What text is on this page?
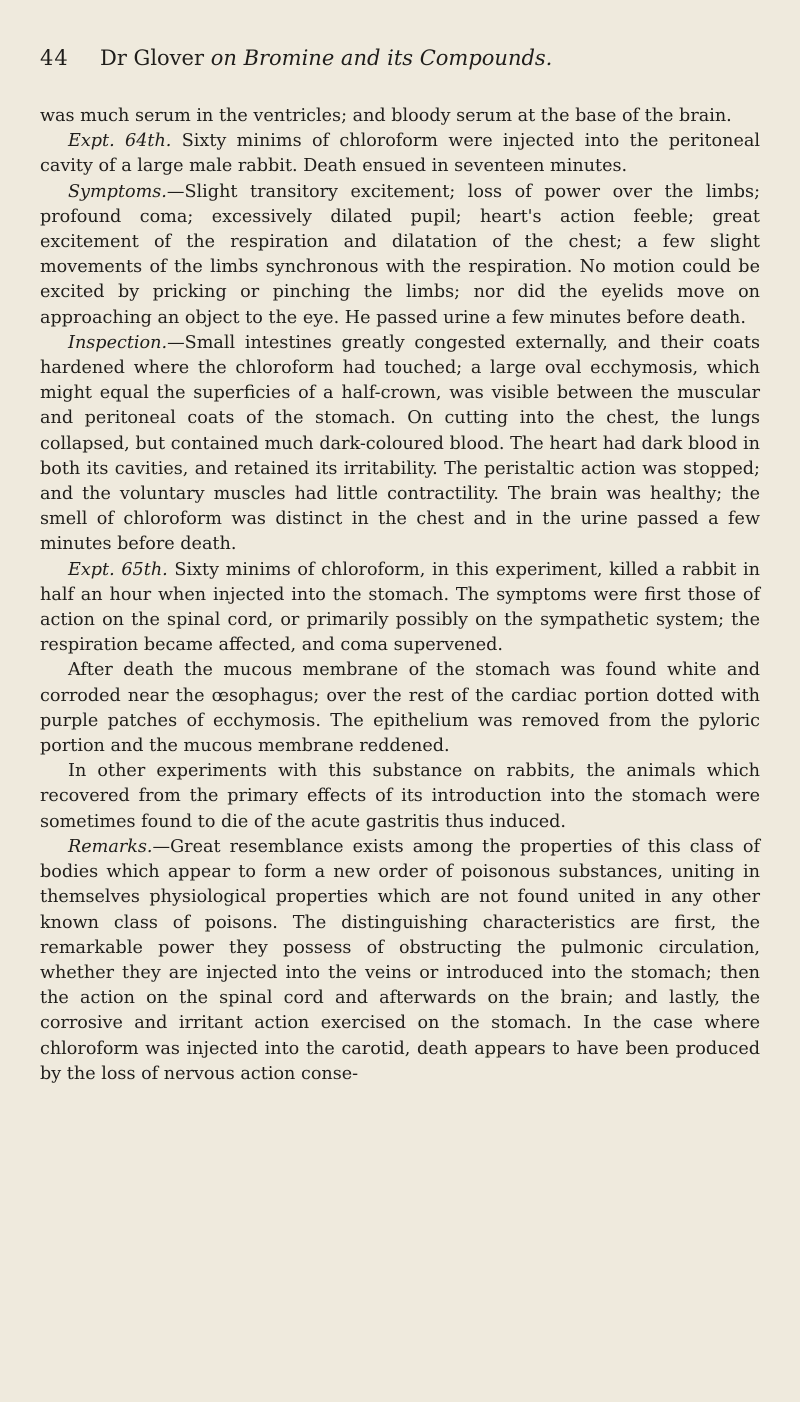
44	Dr Glover on Bromine and its Compounds.

was much serum in the ventricles; and bloody serum at the base of the brain.

Expt. 64th. Sixty minims of chloroform were injected into the peritoneal cavity of a large male rabbit. Death ensued in seventeen minutes.

Symptoms.—Slight transitory excitement; loss of power over the limbs; profound coma; excessively dilated pupil; heart's action feeble; great excitement of the respiration and dilatation of the chest; a few slight movements of the limbs synchronous with the respiration. No motion could be excited by pricking or pinching the limbs; nor did the eyelids move on approaching an object to the eye. He passed urine a few minutes before death.

Inspection.—Small intestines greatly congested externally, and their coats hardened where the chloroform had touched; a large oval ecchymosis, which might equal the superficies of a half-crown, was visible between the muscular and peritoneal coats of the stomach. On cutting into the chest, the lungs collapsed, but contained much dark-coloured blood. The heart had dark blood in both its cavities, and retained its irritability. The peristaltic action was stopped; and the voluntary muscles had little contractility. The brain was healthy; the smell of chloroform was distinct in the chest and in the urine passed a few minutes before death.

Expt. 65th. Sixty minims of chloroform, in this experiment, killed a rabbit in half an hour when injected into the stomach. The symptoms were first those of action on the spinal cord, or primarily possibly on the sympathetic system; the respiration became affected, and coma supervened.

After death the mucous membrane of the stomach was found white and corroded near the œsophagus; over the rest of the cardiac portion dotted with purple patches of ecchymosis. The epithelium was removed from the pyloric portion and the mucous membrane reddened.

In other experiments with this substance on rabbits, the animals which recovered from the primary effects of its introduction into the stomach were sometimes found to die of the acute gastritis thus induced.

Remarks.—Great resemblance exists among the properties of this class of bodies which appear to form a new order of poisonous substances, uniting in themselves physiological properties which are not found united in any other known class of poisons. The distinguishing characteristics are first, the remarkable power they possess of obstructing the pulmonic circulation, whether they are injected into the veins or introduced into the stomach; then the action on the spinal cord and afterwards on the brain; and lastly, the corrosive and irritant action exercised on the stomach. In the case where chloroform was injected into the carotid, death appears to have been produced by the loss of nervous action conse-
